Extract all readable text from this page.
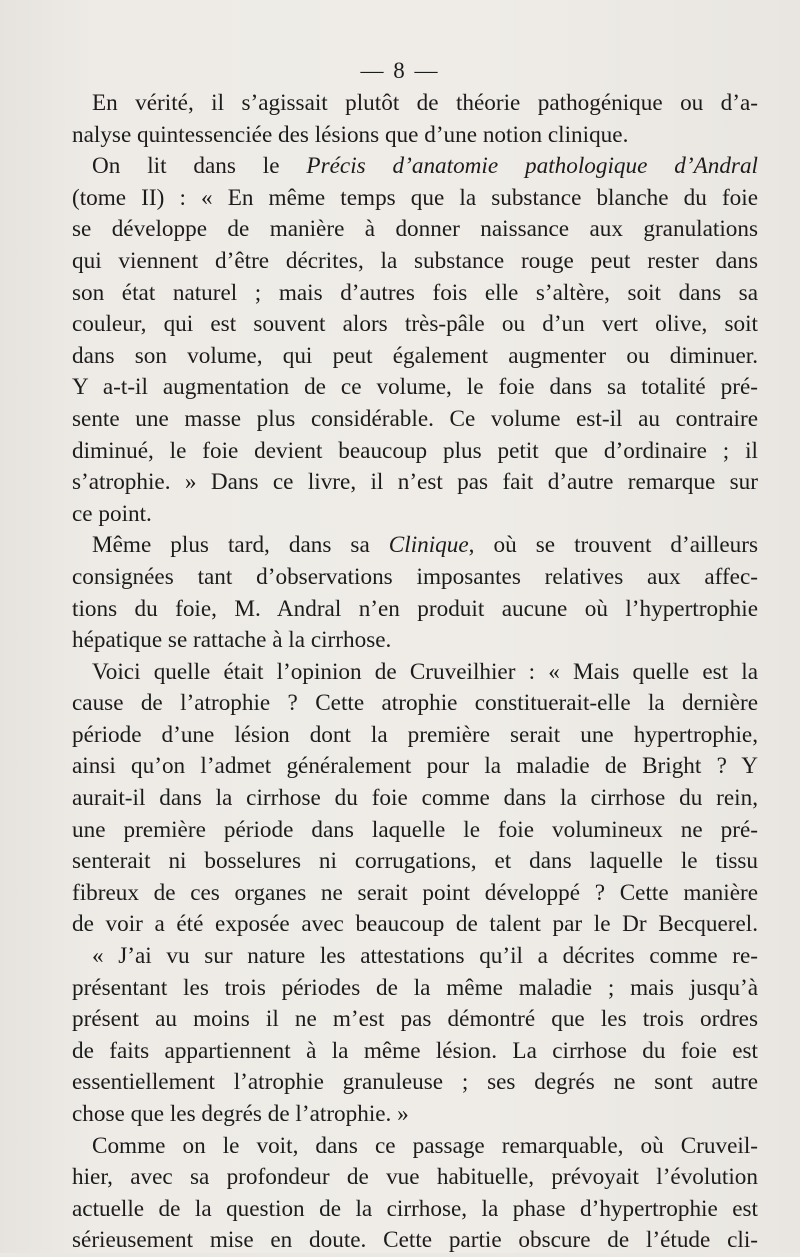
— 8 —
En vérité, il s’agissait plutôt de théorie pathogénique ou d’a-
nalyse quintessenciée des lésions que d’une notion clinique.
On lit dans le Précis d’anatomie pathologique d’Andral
(tome II) : « En même temps que la substance blanche du foie
se développe de manière à donner naissance aux granulations
qui viennent d’être décrites, la substance rouge peut rester dans
son état naturel ; mais d’autres fois elle s’altère, soit dans sa
couleur, qui est souvent alors très-pâle ou d’un vert olive, soit
dans son volume, qui peut également augmenter ou diminuer.
Y a-t-il augmentation de ce volume, le foie dans sa totalité pré-
sente une masse plus considérable. Ce volume est-il au contraire
diminué, le foie devient beaucoup plus petit que d’ordinaire ; il
s’atrophie. » Dans ce livre, il n’est pas fait d’autre remarque sur
ce point.
Même plus tard, dans sa Clinique, où se trouvent d’ailleurs
consignées tant d’observations imposantes relatives aux affec-
tions du foie, M. Andral n’en produit aucune où l’hypertrophie
hépatique se rattache à la cirrhose.
Voici quelle était l’opinion de Cruveilhier : « Mais quelle est la
cause de l’atrophie ? Cette atrophie constituerait-elle la dernière
période d’une lésion dont la première serait une hypertrophie,
ainsi qu’on l’admet généralement pour la maladie de Bright ? Y
aurait-il dans la cirrhose du foie comme dans la cirrhose du rein,
une première période dans laquelle le foie volumineux ne pré-
senterait ni bosselures ni corrugations, et dans laquelle le tissu
fibreux de ces organes ne serait point développé ? Cette manière
de voir a été exposée avec beaucoup de talent par le Dr Becquerel.
« J’ai vu sur nature les attestations qu’il a décrites comme re-
présentant les trois périodes de la même maladie ; mais jusqu’à
présent au moins il ne m’est pas démontré que les trois ordres
de faits appartiennent à la même lésion. La cirrhose du foie est
essentiellement l’atrophie granuleuse ; ses degrés ne sont autre
chose que les degrés de l’atrophie. »
Comme on le voit, dans ce passage remarquable, où Cruveil-
hier, avec sa profondeur de vue habituelle, prévoyait l’évolution
actuelle de la question de la cirrhose, la phase d’hypertrophie est
sérieusement mise en doute. Cette partie obscure de l’étude cli-
